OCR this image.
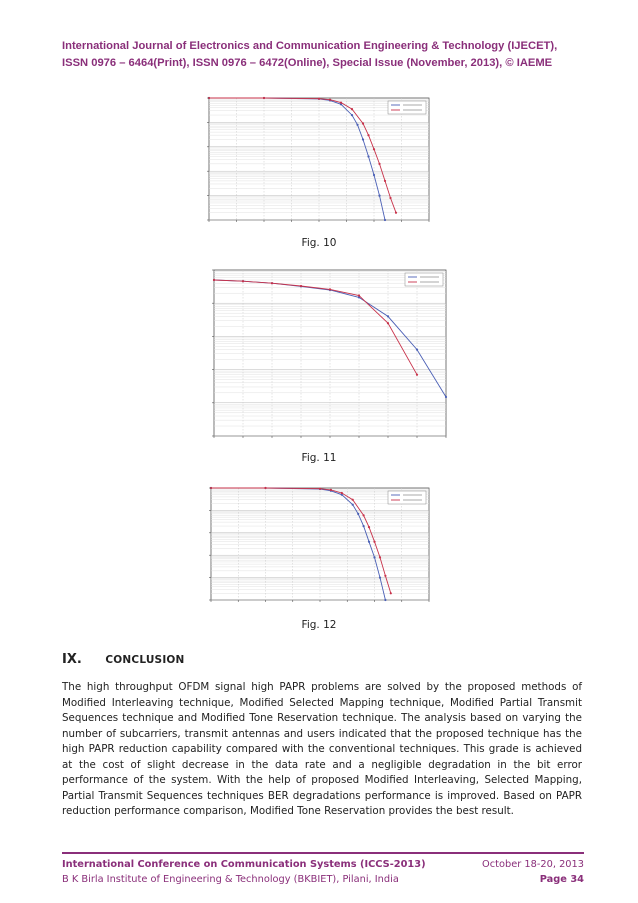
International Journal of Electronics and Communication Engineering & Technology (IJECET),
ISSN 0976 – 6464(Print), ISSN 0976 – 6472(Online), Special Issue (November, 2013), © IAEME
Fig. 10
Fig. 11
Fig. 12
IX. CONCLUSION
The high throughput OFDM signal high PAPR problems are solved by the proposed methods of Modified Interleaving technique, Modified Selected Mapping technique, Modified Partial Transmit Sequences technique and Modified Tone Reservation technique. The analysis based on varying the number of subcarriers, transmit antennas and users indicated that the proposed technique has the high PAPR reduction capability compared with the conventional techniques. This grade is achieved at the cost of slight decrease in the data rate and a negligible degradation in the bit error performance of the system. With the help of proposed Modified Interleaving, Selected Mapping, Partial Transmit Sequences techniques BER degradations performance is improved. Based on PAPR reduction performance comparison, Modified Tone Reservation provides the best result.
International Conference on Communication Systems (ICCS-2013)	October 18-20, 2013
B K Birla Institute of Engineering & Technology (BKBIET), Pilani, India	Page 34
